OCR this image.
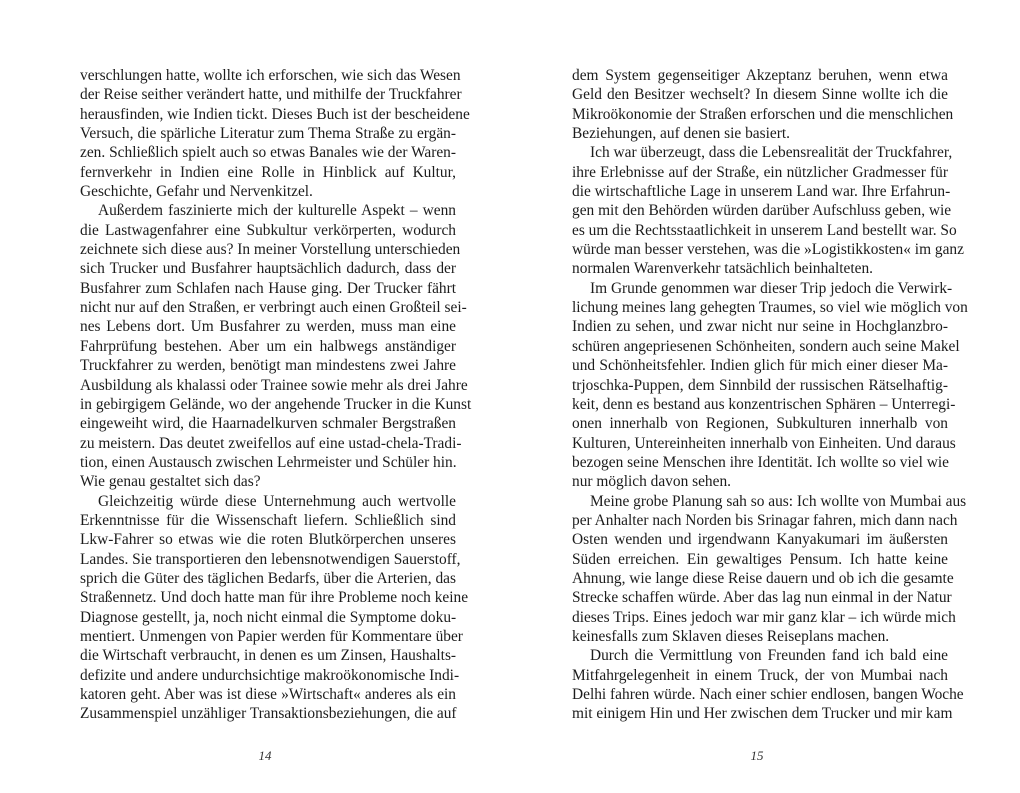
verschlungen hatte, wollte ich erforschen, wie sich das Wesen
der Reise seither verändert hatte, und mithilfe der Truckfahrer
herausfinden, wie Indien tickt. Dieses Buch ist der bescheidene
Versuch, die spärliche Literatur zum Thema Straße zu ergän-
zen. Schließlich spielt auch so etwas Banales wie der Waren-
fernverkehr in Indien eine Rolle in Hinblick auf Kultur,
Geschichte, Gefahr und Nervenkitzel.
Außerdem faszinierte mich der kulturelle Aspekt – wenn
die Lastwagenfahrer eine Subkultur verkörperten, wodurch
zeichnete sich diese aus? In meiner Vorstellung unterschieden
sich Trucker und Busfahrer hauptsächlich dadurch, dass der
Busfahrer zum Schlafen nach Hause ging. Der Trucker fährt
nicht nur auf den Straßen, er verbringt auch einen Großteil sei-
nes Lebens dort. Um Busfahrer zu werden, muss man eine
Fahrprüfung bestehen. Aber um ein halbwegs anständiger
Truckfahrer zu werden, benötigt man mindestens zwei Jahre
Ausbildung als khalassi oder Trainee sowie mehr als drei Jahre
in gebirgigem Gelände, wo der angehende Trucker in die Kunst
eingeweiht wird, die Haarnadelkurven schmaler Bergstraßen
zu meistern. Das deutet zweifellos auf eine ustad-chela-Tradi-
tion, einen Austausch zwischen Lehrmeister und Schüler hin.
Wie genau gestaltet sich das?
Gleichzeitig würde diese Unternehmung auch wertvolle
Erkenntnisse für die Wissenschaft liefern. Schließlich sind
Lkw-Fahrer so etwas wie die roten Blutkörperchen unseres
Landes. Sie transportieren den lebensnotwendigen Sauerstoff,
sprich die Güter des täglichen Bedarfs, über die Arterien, das
Straßennetz. Und doch hatte man für ihre Probleme noch keine
Diagnose gestellt, ja, noch nicht einmal die Symptome doku-
mentiert. Unmengen von Papier werden für Kommentare über
die Wirtschaft verbraucht, in denen es um Zinsen, Haushalts-
defizite und andere undurchsichtige makroökonomische Indi-
katoren geht. Aber was ist diese »Wirtschaft« anderes als ein
Zusammenspiel unzähliger Transaktionsbeziehungen, die auf
14
dem System gegenseitiger Akzeptanz beruhen, wenn etwa
Geld den Besitzer wechselt? In diesem Sinne wollte ich die
Mikroökonomie der Straßen erforschen und die menschlichen
Beziehungen, auf denen sie basiert.
Ich war überzeugt, dass die Lebensrealität der Truckfahrer,
ihre Erlebnisse auf der Straße, ein nützlicher Gradmesser für
die wirtschaftliche Lage in unserem Land war. Ihre Erfahrun-
gen mit den Behörden würden darüber Aufschluss geben, wie
es um die Rechtsstaatlichkeit in unserem Land bestellt war. So
würde man besser verstehen, was die »Logistikkosten« im ganz
normalen Warenverkehr tatsächlich beinhalteten.
Im Grunde genommen war dieser Trip jedoch die Verwirk-
lichung meines lang gehegten Traumes, so viel wie möglich von
Indien zu sehen, und zwar nicht nur seine in Hochglanzbro-
schüren angepriesenen Schönheiten, sondern auch seine Makel
und Schönheitsfehler. Indien glich für mich einer dieser Ma-
trjoschka-Puppen, dem Sinnbild der russischen Rätselhaftig-
keit, denn es bestand aus konzentrischen Sphären – Unterregi-
onen innerhalb von Regionen, Subkulturen innerhalb von
Kulturen, Untereinheiten innerhalb von Einheiten. Und daraus
bezogen seine Menschen ihre Identität. Ich wollte so viel wie
nur möglich davon sehen.
Meine grobe Planung sah so aus: Ich wollte von Mumbai aus
per Anhalter nach Norden bis Srinagar fahren, mich dann nach
Osten wenden und irgendwann Kanyakumari im äußersten
Süden erreichen. Ein gewaltiges Pensum. Ich hatte keine
Ahnung, wie lange diese Reise dauern und ob ich die gesamte
Strecke schaffen würde. Aber das lag nun einmal in der Natur
dieses Trips. Eines jedoch war mir ganz klar – ich würde mich
keinesfalls zum Sklaven dieses Reiseplans machen.
Durch die Vermittlung von Freunden fand ich bald eine
Mitfahrgelegenheit in einem Truck, der von Mumbai nach
Delhi fahren würde. Nach einer schier endlosen, bangen Woche
mit einigem Hin und Her zwischen dem Trucker und mir kam
15
